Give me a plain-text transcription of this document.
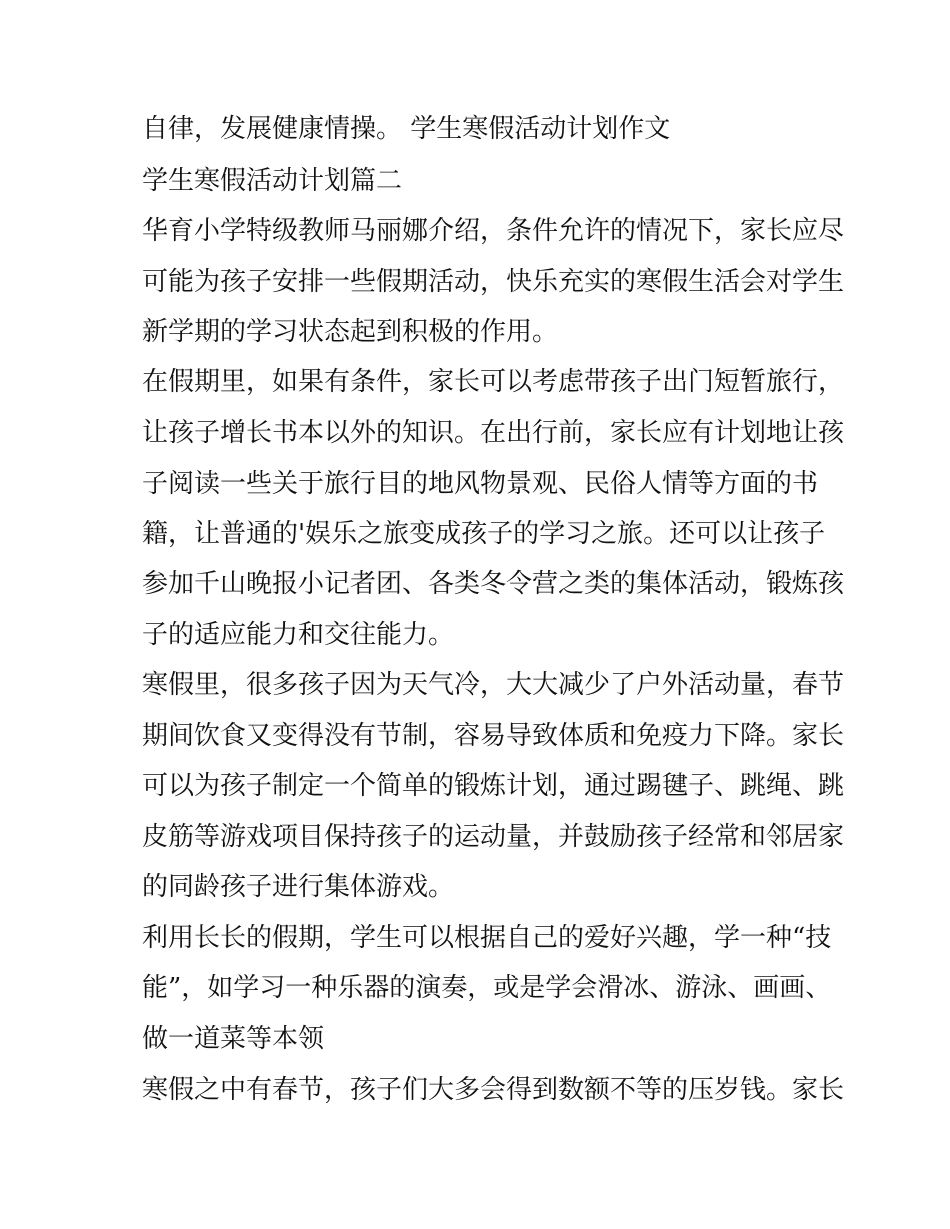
自律，发展健康情操。 学生寒假活动计划作文

学生寒假活动计划篇二

华育小学特级教师马丽娜介绍，条件允许的情况下，家长应尽

可能为孩子安排一些假期活动，快乐充实的寒假生活会对学生

新学期的学习状态起到积极的作用。

在假期里，如果有条件，家长可以考虑带孩子出门短暂旅行，

让孩子增长书本以外的知识。在出行前，家长应有计划地让孩

子阅读一些关于旅行目的地风物景观、民俗人情等方面的书

籍，让普通的'娱乐之旅变成孩子的学习之旅。还可以让孩子

参加千山晚报小记者团、各类冬令营之类的集体活动，锻炼孩

子的适应能力和交往能力。

寒假里，很多孩子因为天气冷，大大减少了户外活动量，春节

期间饮食又变得没有节制，容易导致体质和免疫力下降。家长

可以为孩子制定一个简单的锻炼计划，通过踢毽子、跳绳、跳

皮筋等游戏项目保持孩子的运动量，并鼓励孩子经常和邻居家

的同龄孩子进行集体游戏。

利用长长的假期，学生可以根据自己的爱好兴趣，学一种“技

能”，如学习一种乐器的演奏，或是学会滑冰、游泳、画画、

做一道菜等本领

寒假之中有春节，孩子们大多会得到数额不等的压岁钱。家长
